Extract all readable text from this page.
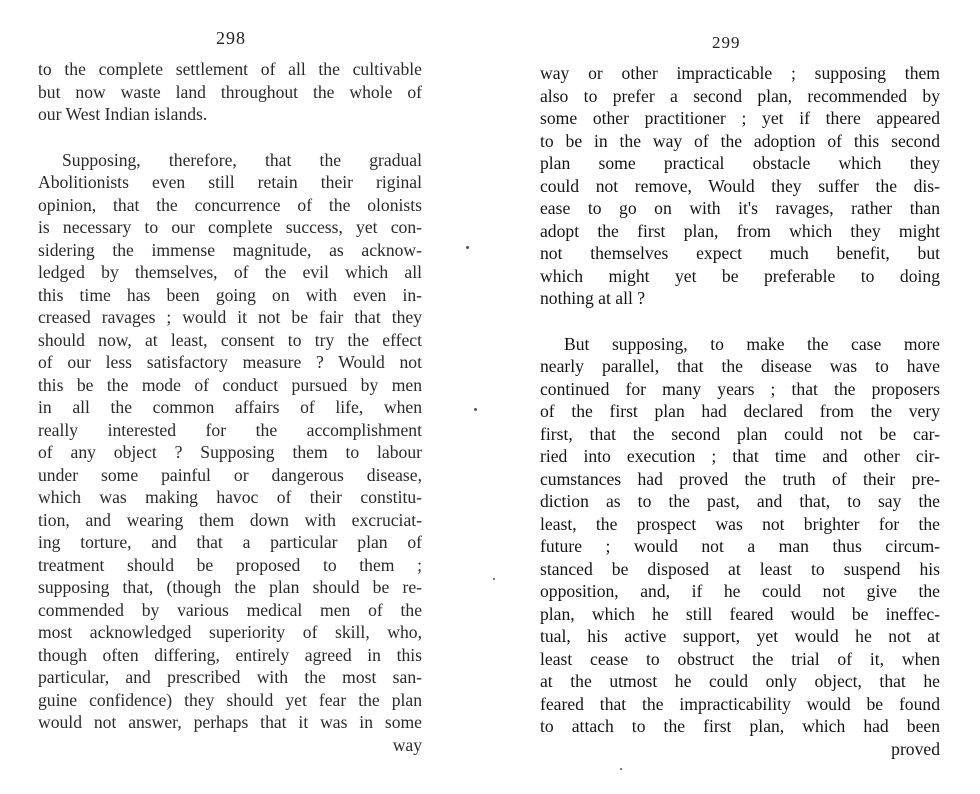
298
to the complete settlement of all the cultivable
but now waste land throughout the whole of
our West Indian islands.
Supposing, therefore, that the gradual
Abolitionists even still retain their riginal
opinion, that the concurrence of the olonists
is necessary to our complete success, yet con-
sidering the immense magnitude, as acknow-
ledged by themselves, of the evil which all
this time has been going on with even in-
creased ravages ; would it not be fair that they
should now, at least, consent to try the effect
of our less satisfactory measure ? Would not
this be the mode of conduct pursued by men
in all the common affairs of life, when
really interested for the accomplishment
of any object ? Supposing them to labour
under some painful or dangerous disease,
which was making havoc of their constitu-
tion, and wearing them down with excruciat-
ing torture, and that a particular plan of
treatment should be proposed to them ;
supposing that, (though the plan should be re-
commended by various medical men of the
most acknowledged superiority of skill, who,
though often differing, entirely agreed in this
particular, and prescribed with the most san-
guine confidence) they should yet fear the plan
would not answer, perhaps that it was in some
way
299
way or other impracticable ; supposing them
also to prefer a second plan, recommended by
some other practitioner ; yet if there appeared
to be in the way of the adoption of this second
plan some practical obstacle which they
could not remove, Would they suffer the dis-
ease to go on with it's ravages, rather than
adopt the first plan, from which they might
not themselves expect much benefit, but
which might yet be preferable to doing
nothing at all ?
But supposing, to make the case more
nearly parallel, that the disease was to have
continued for many years ; that the proposers
of the first plan had declared from the very
first, that the second plan could not be car-
ried into execution ; that time and other cir-
cumstances had proved the truth of their pre-
diction as to the past, and that, to say the
least, the prospect was not brighter for the
future ; would not a man thus circum-
stanced be disposed at least to suspend his
opposition, and, if he could not give the
plan, which he still feared would be ineffec-
tual, his active support, yet would he not at
least cease to obstruct the trial of it, when
at the utmost he could only object, that he
feared that the impracticability would be found
to attach to the first plan, which had been
proved
